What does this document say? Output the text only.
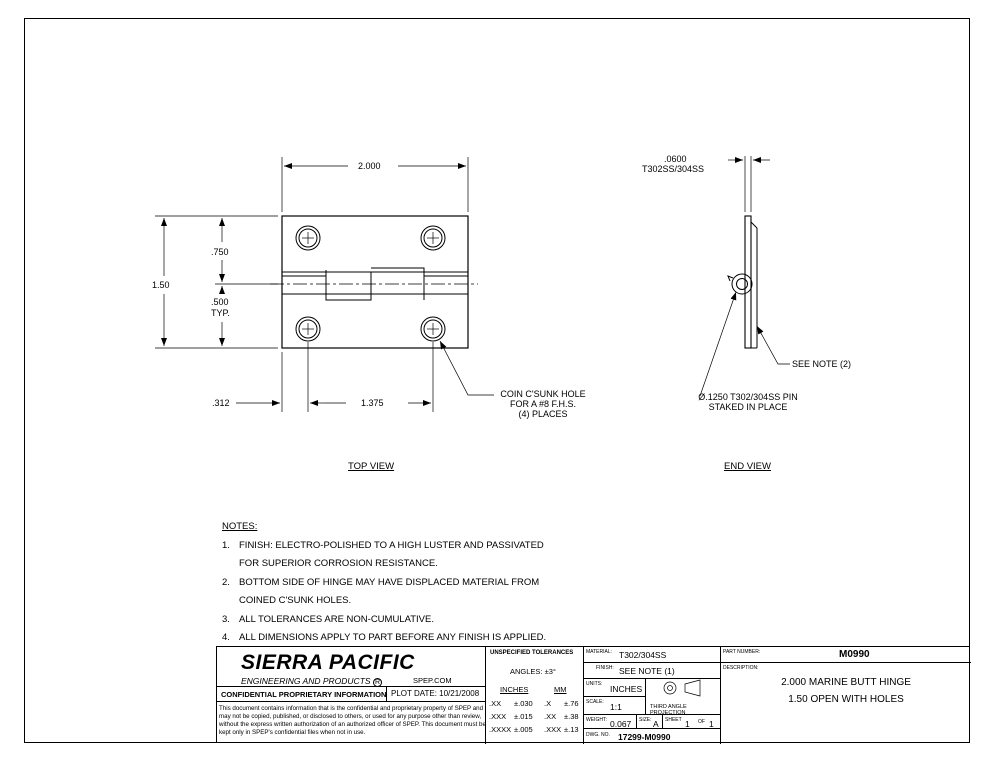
2.000
1.50
.750
.500
TYP.
.312	1.375
COIN C'SUNK HOLE
FOR A #8 F.H.S.
(4) PLACES
TOP VIEW
.0600
T302SS/304SS
SEE NOTE (2)
Ø.1250 T302/304SS PIN
STAKED IN PLACE
END VIEW
NOTES:
1. FINISH: ELECTRO-POLISHED TO A HIGH LUSTER AND PASSIVATED
FOR SUPERIOR CORROSION RESISTANCE.
2. BOTTOM SIDE OF HINGE MAY HAVE DISPLACED MATERIAL FROM
COINED C'SUNK HOLES.
3. ALL TOLERANCES ARE NON-CUMULATIVE.
4. ALL DIMENSIONS APPLY TO PART BEFORE ANY FINISH IS APPLIED.
SIERRA PACIFIC
ENGINEERING AND PRODUCTS R	SPEP.COM
CONFIDENTIAL PROPRIETARY INFORMATION PLOT DATE: 10/21/2008
This document contains information that is the confidential and proprietary property of SPEP and may not be copied, published, or disclosed to others, or used for any purpose other than review, without the express written authorization of an authorized officer of SPEP. This document must be kept only in SPEP's confidential files when not in use.
UNSPECIFIED TOLERANCES
ANGLES: ±3°
INCHES	MM
.XX ±.030 .X ±.76
.XXX ±.015 .XX ±.38
.XXXX ±.005 .XXX ±.13
MATERIAL: T302/304SS
FINISH: SEE NOTE (1)
UNITS: INCHES
SCALE: 1:1	THIRD ANGLE PROJECTION
WEIGHT: 0.067 SIZE: A SHEET 1 OF 1
DWG. NO. 17299-M0990
PART NUMBER:	M0990
DESCRIPTION:
2.000 MARINE BUTT HINGE
1.50 OPEN WITH HOLES
